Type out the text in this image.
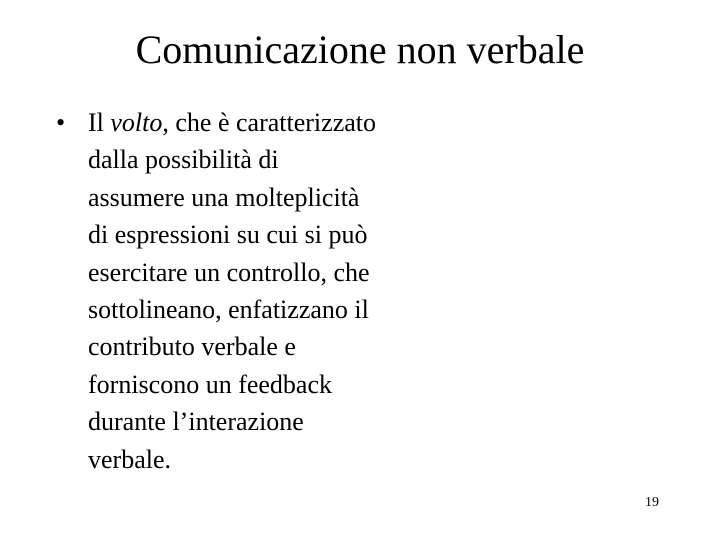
Comunicazione non verbale
• Il volto, che è caratterizzato
dalla possibilità di
assumere una molteplicità
di espressioni su cui si può
esercitare un controllo, che
sottolineano, enfatizzano il
contributo verbale e
forniscono un feedback
durante l’interazione
verbale.
19
